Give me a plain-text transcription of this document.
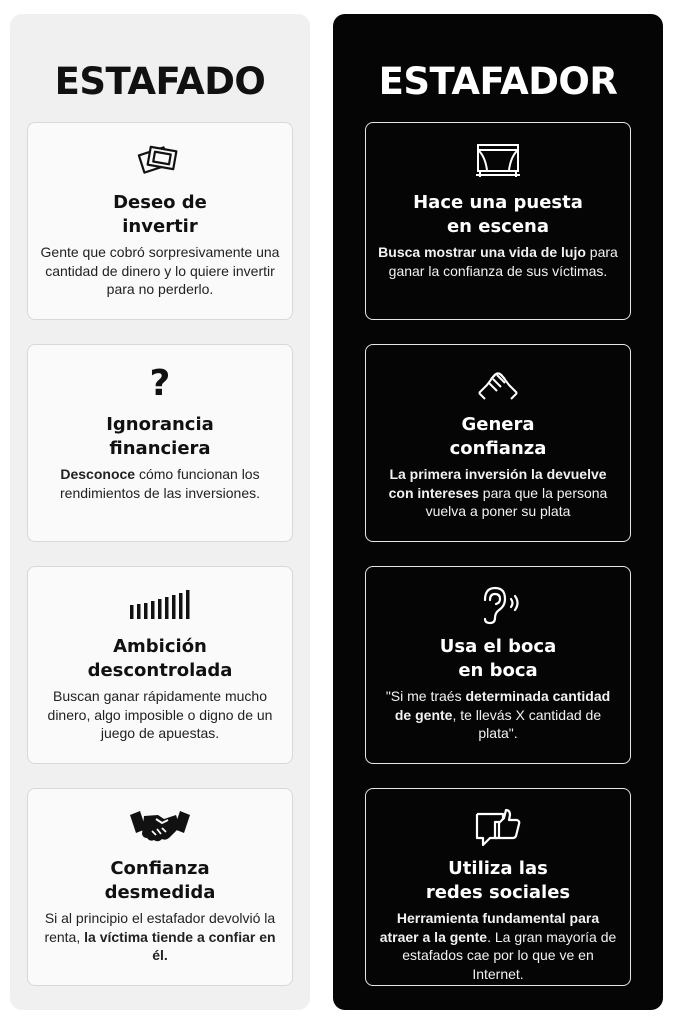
ESTAFADO
Deseo de
invertir
Gente que cobró sorpresivamente una cantidad de dinero y lo quiere invertir para no perderlo.
?
Ignorancia
financiera
Desconoce cómo funcionan los rendimientos de las inversiones.
Ambición
descontrolada
Buscan ganar rápidamente mucho dinero, algo imposible o digno de un juego de apuestas.
Confianza
desmedida
Si al principio el estafador devolvió la renta, la víctima tiende a confiar en él.
ESTAFADOR
Hace una puesta
en escena
Busca mostrar una vida de lujo para ganar la confianza de sus víctimas.
Genera
confianza
La primera inversión la devuelve con intereses para que la persona vuelva a poner su plata
Usa el boca
en boca
"Si me traés determinada cantidad de gente, te llevás X cantidad de plata".
Utiliza las
redes sociales
Herramienta fundamental para atraer a la gente. La gran mayoría de estafados cae por lo que ve en Internet.
